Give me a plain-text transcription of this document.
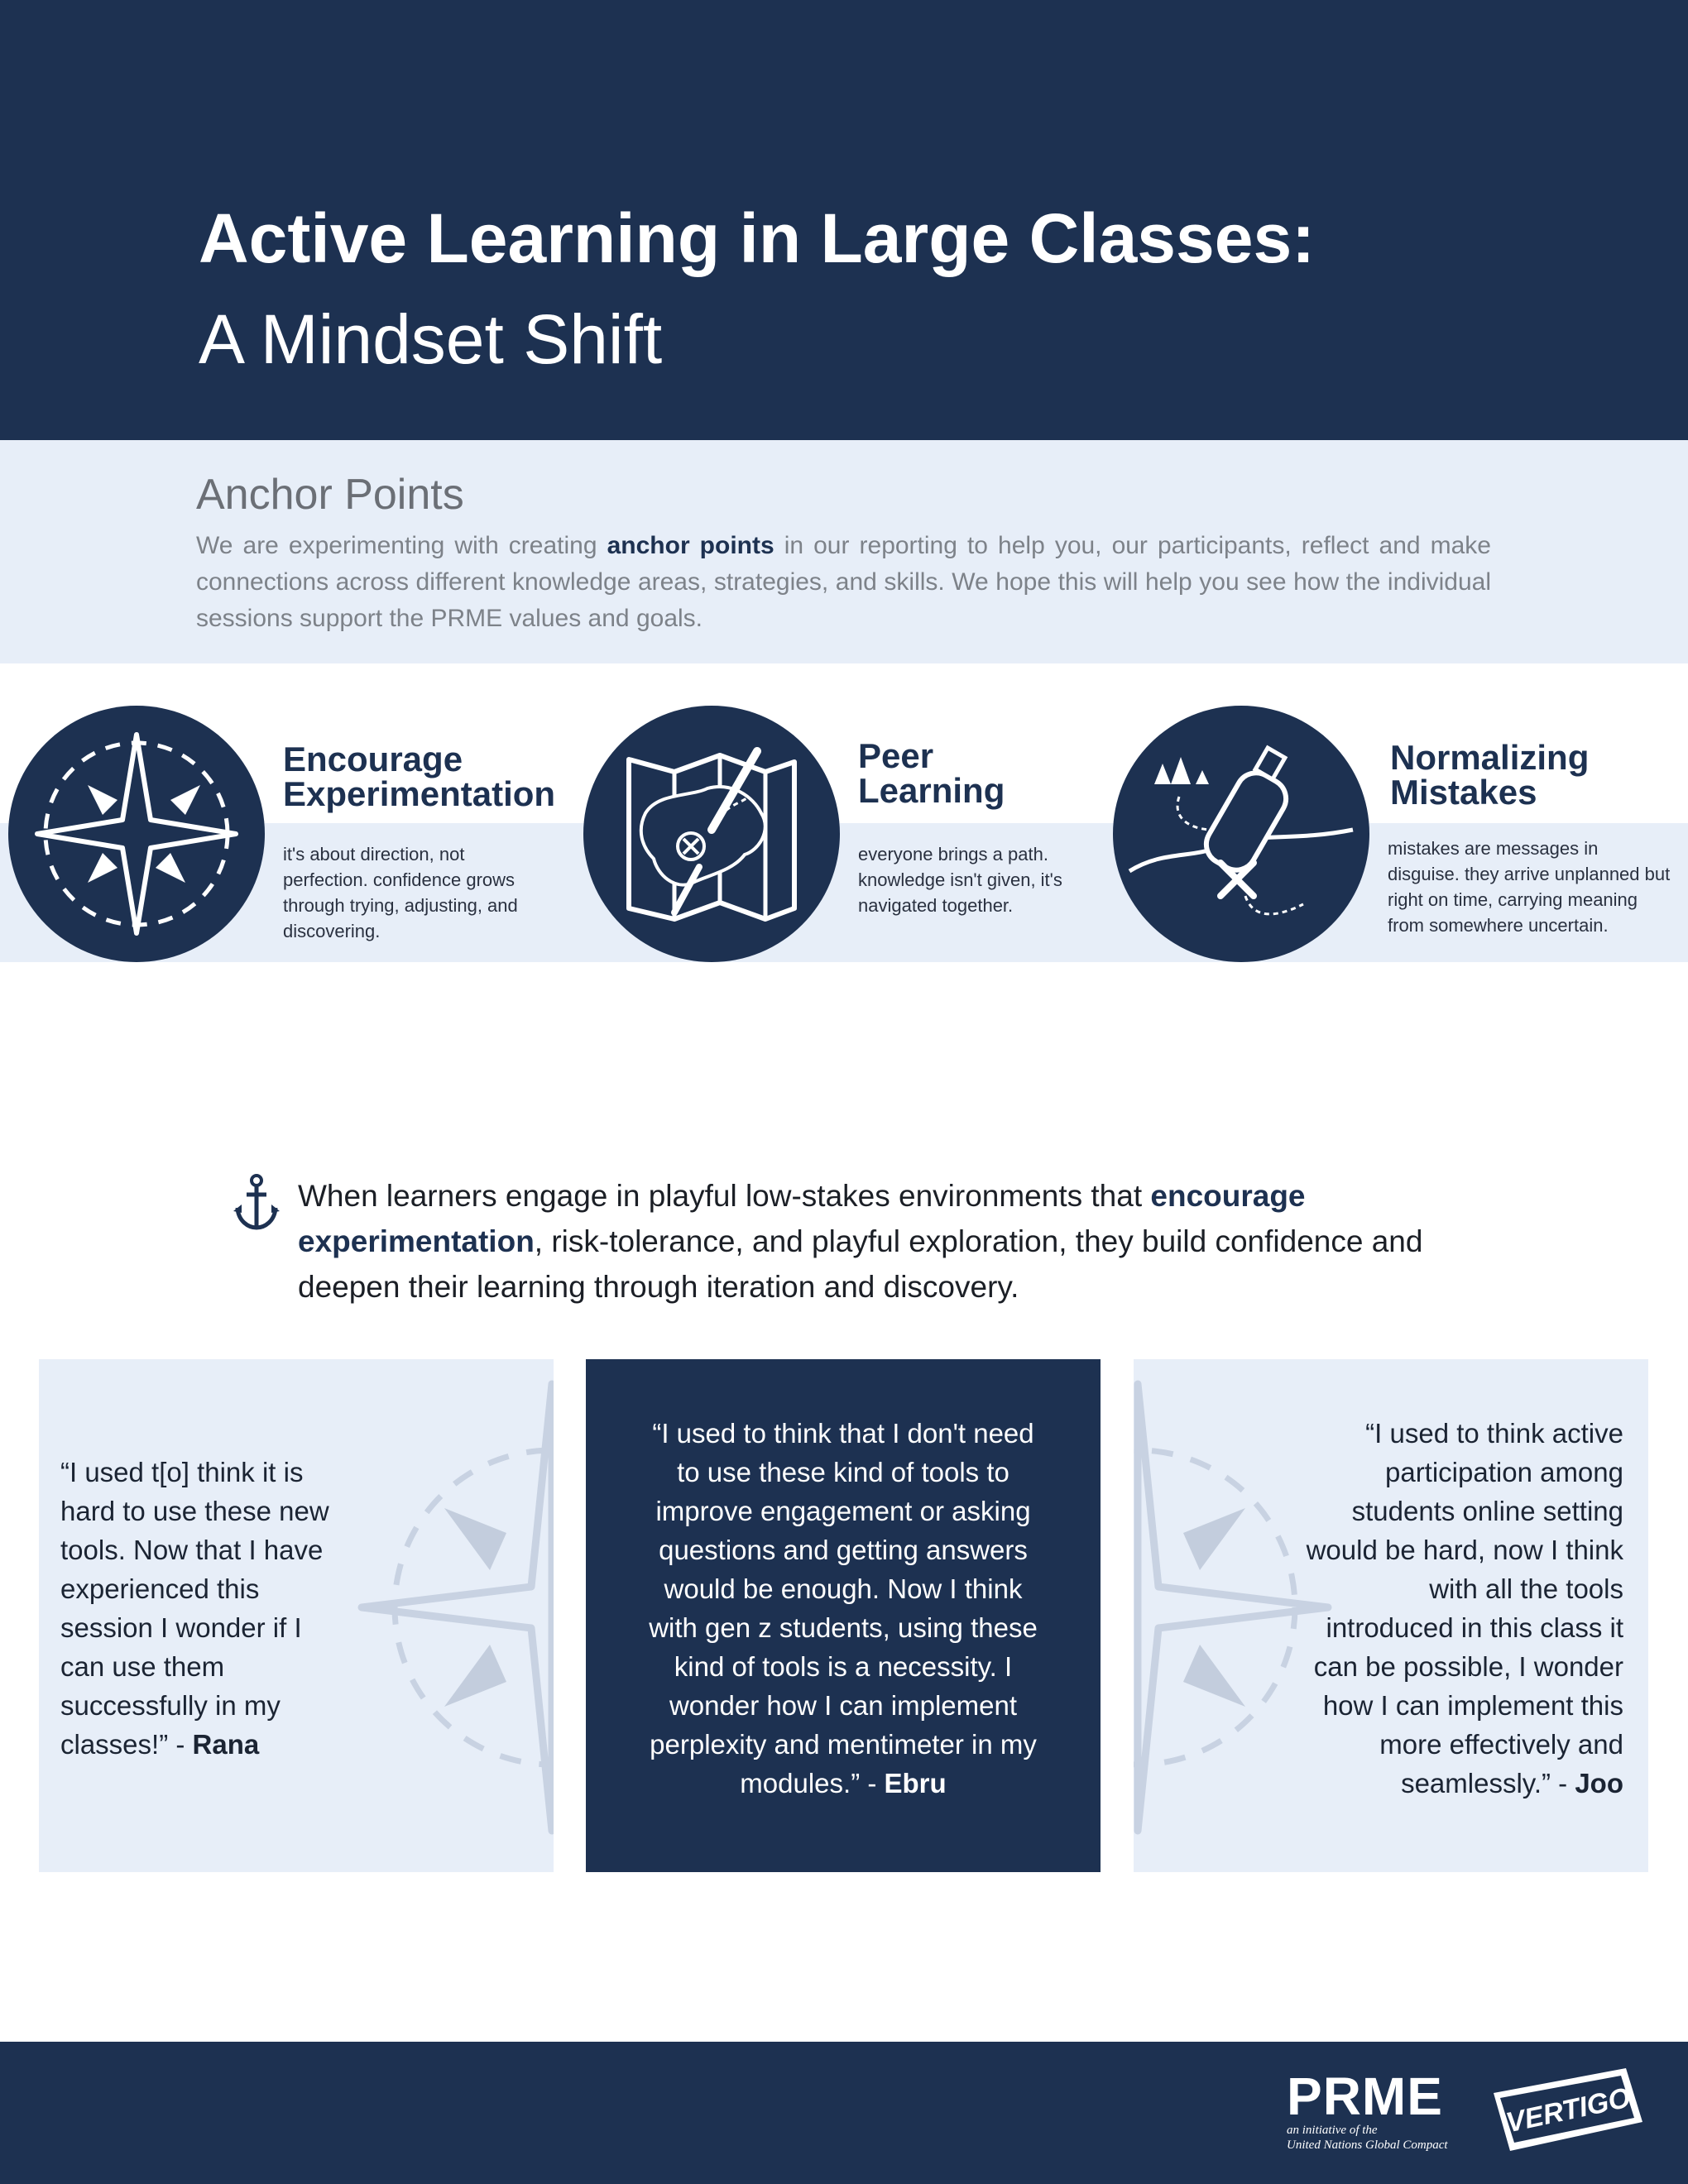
Active Learning in Large Classes:
A Mindset Shift
Anchor Points
We are experimenting with creating anchor points in our reporting to help you, our participants, reflect and make connections across different knowledge areas, strategies, and skills. We hope this will help you see how the individual sessions support the PRME values and goals.
Encourage
Experimentation
it's about direction, not
perfection. confidence grows
through trying, adjusting, and
discovering.
Peer
Learning
everyone brings a path.
knowledge isn't given, it's
navigated together.
Normalizing
Mistakes
mistakes are messages in
disguise. they arrive unplanned but
right on time, carrying meaning
from somewhere uncertain.
When learners engage in playful low-stakes environments that encourage experimentation, risk-tolerance, and playful exploration, they build confidence and deepen their learning through iteration and discovery.
“I used t[o] think it is
hard to use these new
tools. Now that I have
experienced this
session I wonder if I
can use them
successfully in my
classes!” - Rana
“I used to think that I don't need
to use these kind of tools to
improve engagement or asking
questions and getting answers
would be enough. Now I think
with gen z students, using these
kind of tools is a necessity. I
wonder how I can implement
perplexity and mentimeter in my
modules.” - Ebru
“I used to think active
participation among
students online setting
would be hard, now I think
with all the tools
introduced in this class it
can be possible, I wonder
how I can implement this
more effectively and
seamlessly.” - Joo
PRME
an initiative of the
United Nations Global Compact
VERTIGO
